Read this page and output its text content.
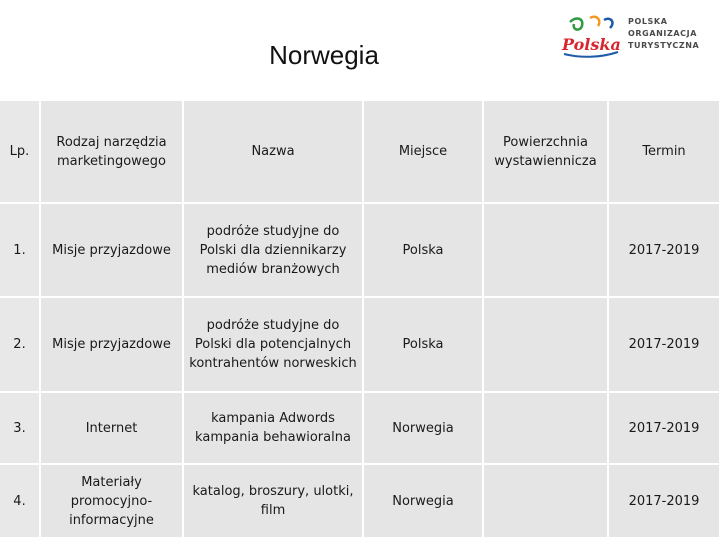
Norwegia	Polska
POLSKA
ORGANIZACJA
TURYSTYCZNA
Lp.	Rodzaj narzędzia marketingowego	Nazwa	Miejsce	Powierzchnia wystawiennicza	Termin
1.	Misje przyjazdowe	podróże studyjne do Polski dla dziennikarzy mediów branżowych	Polska		2017-2019
2.	Misje przyjazdowe	podróże studyjne do Polski dla potencjalnych kontrahentów norweskich	Polska		2017-2019
3.	Internet	kampania Adwords kampania behawioralna	Norwegia		2017-2019
4.	Materiały promocyjno-informacyjne	katalog, broszury, ulotki, film	Norwegia		2017-2019
